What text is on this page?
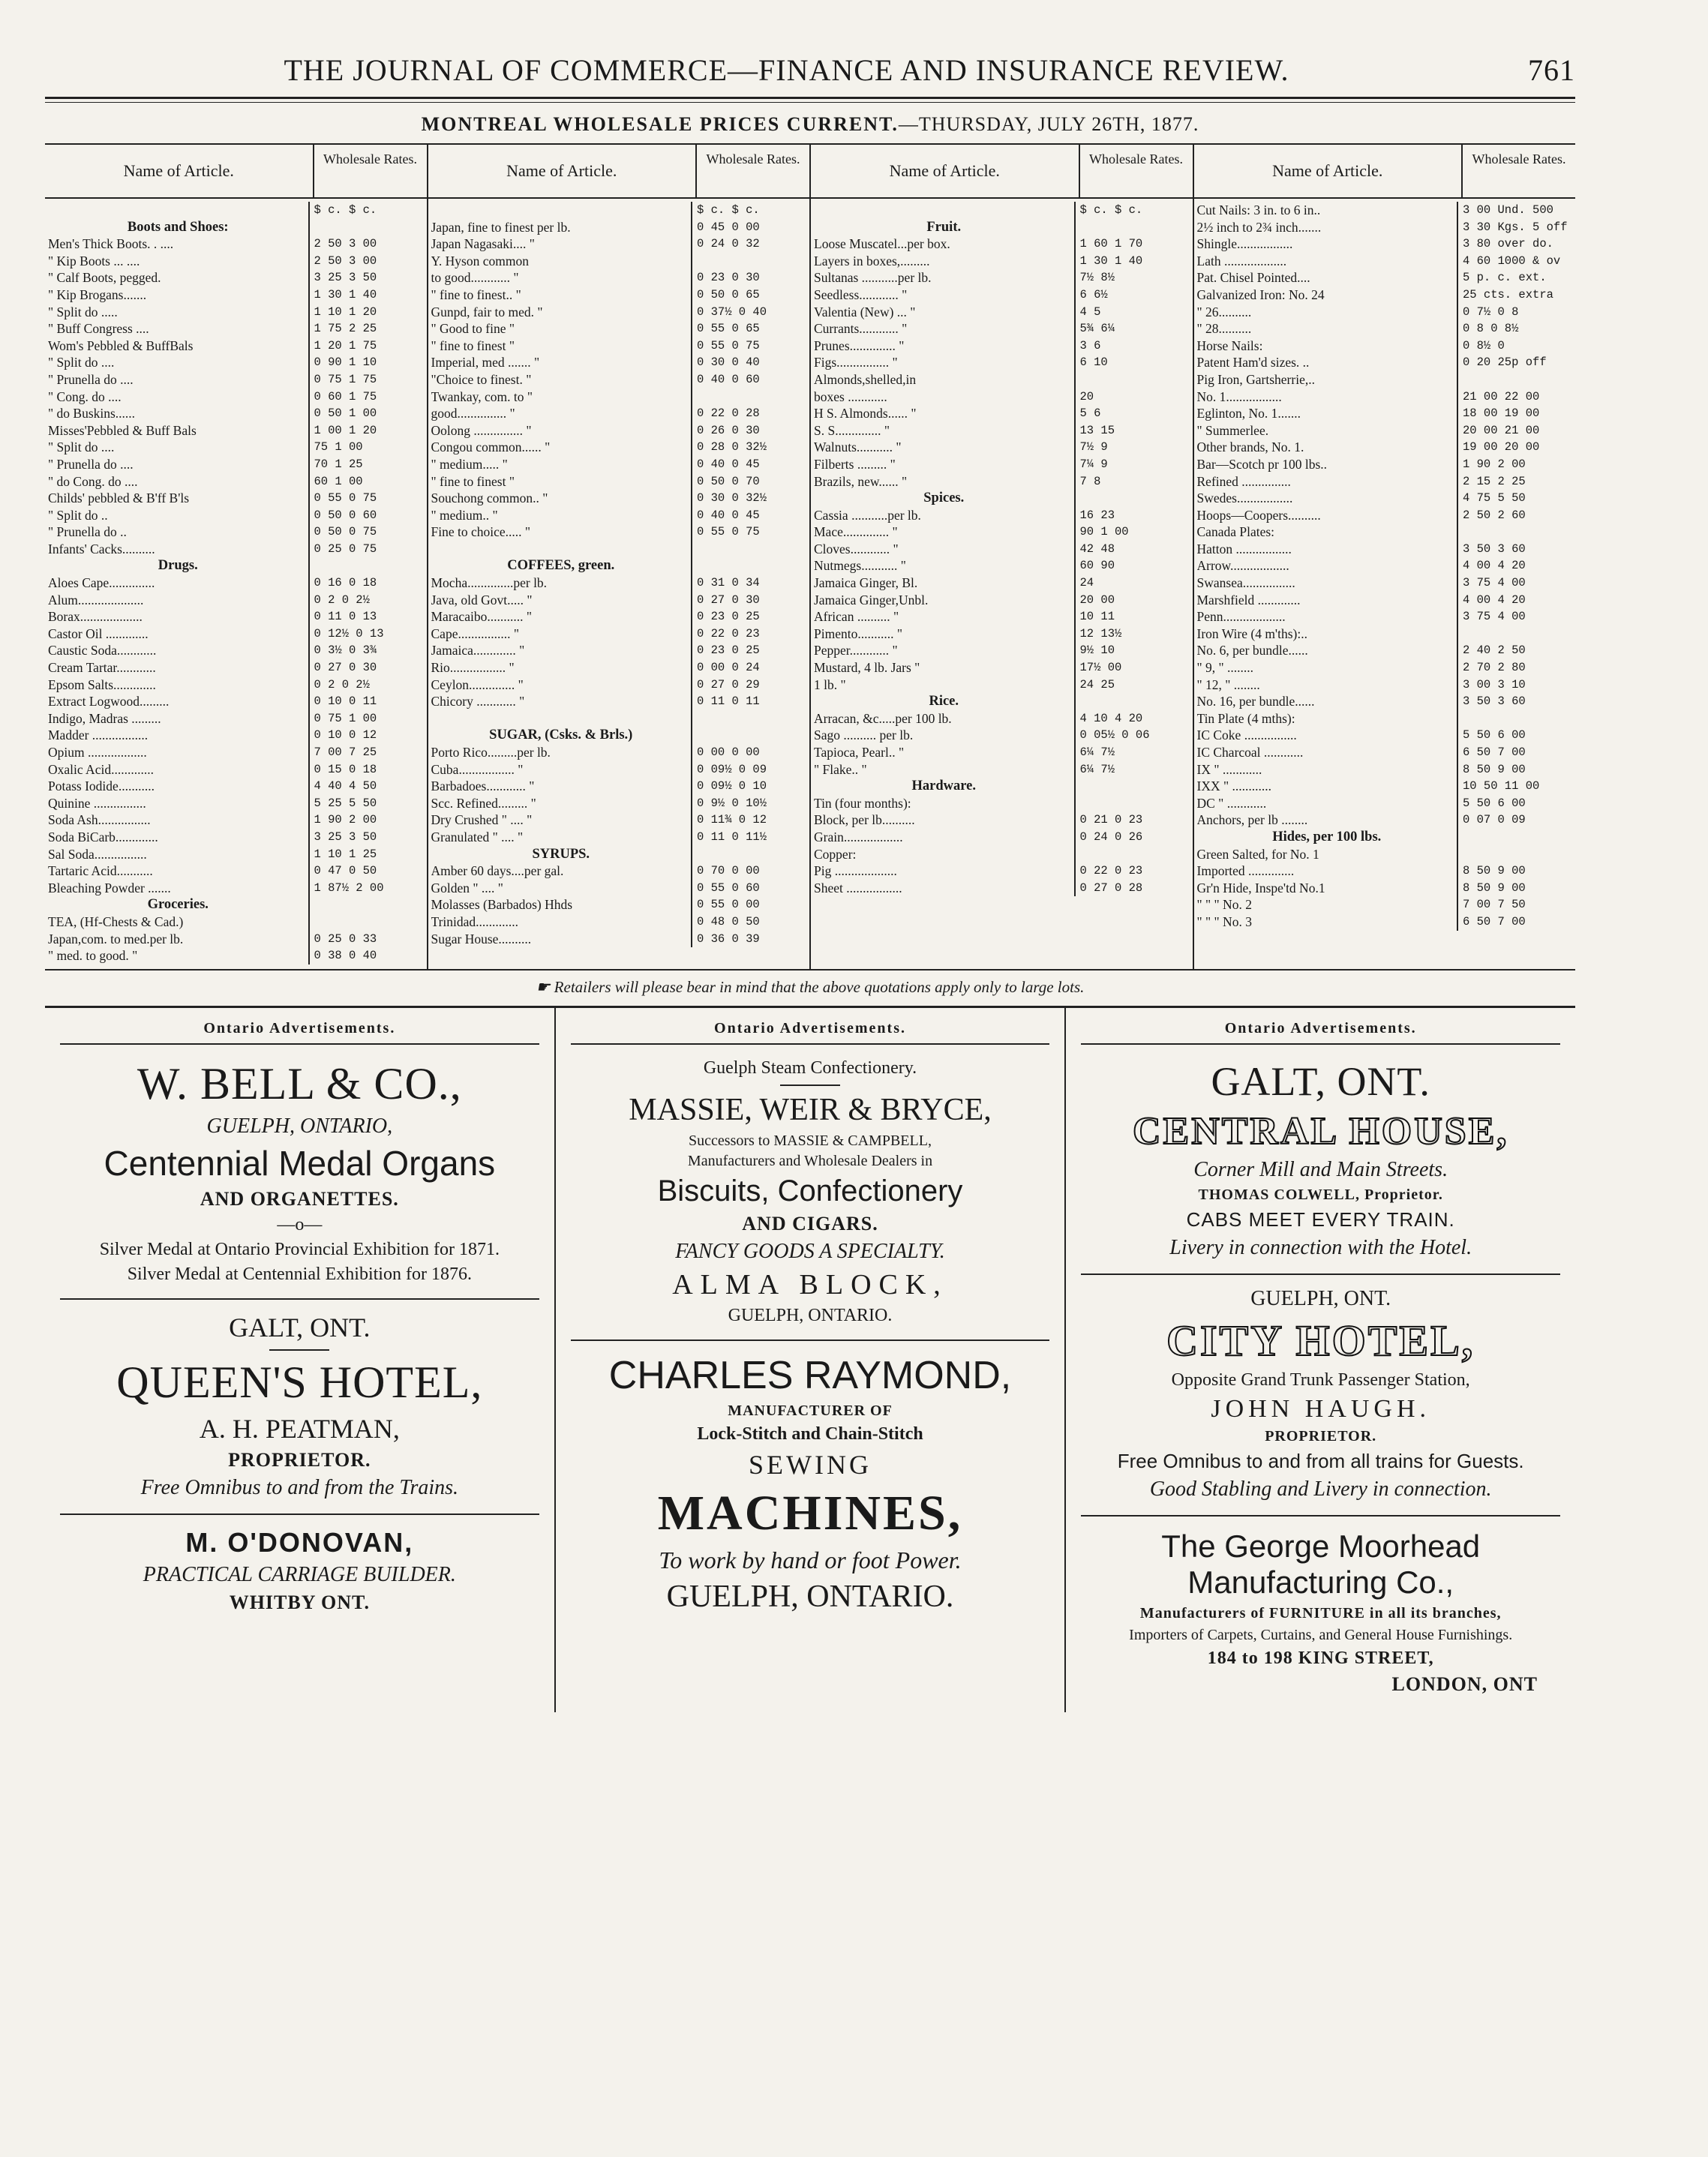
THE JOURNAL OF COMMERCE—FINANCE AND INSURANCE REVIEW.	761
MONTREAL WHOLESALE PRICES CURRENT.—THURSDAY, JULY 26TH, 1877.
Name of Article.
Wholesale Rates.
$ c. $ c.
Boots and Shoes:
Men's Thick Boots. . ....	2 50 3 00
" Kip Boots ... ....	2 50 3 00
" Calf Boots, pegged.	3 25 3 50
" Kip Brogans.......	1 30 1 40
" Split do .....	1 10 1 20
" Buff Congress ....	1 75 2 25
Wom's Pebbled & BuffBals	1 20 1 75
" Split do ....	0 90 1 10
" Prunella do ....	0 75 1 75
" Cong. do ....	0 60 1 75
" do Buskins......	0 50 1 00
Misses'Pebbled & Buff Bals	1 00 1 20
" Split do ....	75 1 00
" Prunella do ....	70 1 25
" do Cong. do ....	60 1 00
Childs' pebbled & B'ff B'ls	0 55 0 75
" Split do ..	0 50 0 60
" Prunella do ..	0 50 0 75
Infants' Cacks..........	0 25 0 75
Drugs.
Aloes Cape..............	0 16 0 18
Alum....................	0 2 0 2½
Borax...................	0 11 0 13
Castor Oil .............	0 12½ 0 13
Caustic Soda............	0 3½ 0 3¾
Cream Tartar............	0 27 0 30
Epsom Salts.............	0 2 0 2½
Extract Logwood.........	0 10 0 11
Indigo, Madras .........	0 75 1 00
Madder .................	0 10 0 12
Opium ..................	7 00 7 25
Oxalic Acid.............	0 15 0 18
Potass Iodide...........	4 40 4 50
Quinine ................	5 25 5 50
Soda Ash................	1 90 2 00
Soda BiCarb.............	3 25 3 50
Sal Soda................	1 10 1 25
Tartaric Acid...........	0 47 0 50
Bleaching Powder .......	1 87½ 2 00
Groceries.
TEA, (Hf-Chests & Cad.)
Japan,com. to med.per lb.	0 25 0 33
" med. to good. "	0 38 0 40
Name of Article.
Wholesale Rates.
$ c. $ c.
Japan, fine to finest per lb.	0 45 0 00
Japan Nagasaki.... "	0 24 0 32
Y. Hyson common
to good............ "	0 23 0 30
" fine to finest.. "	0 50 0 65
Gunpd, fair to med. "	0 37½ 0 40
" Good to fine "	0 55 0 65
" fine to finest "	0 55 0 75
Imperial, med ....... "	0 30 0 40
"Choice to finest. "	0 40 0 60
Twankay, com. to "
good............... "	0 22 0 28
Oolong ............... "	0 26 0 30
Congou common...... "	0 28 0 32½
" medium..... "	0 40 0 45
" fine to finest "	0 50 0 70
Souchong common.. "	0 30 0 32½
" medium.. "	0 40 0 45
Fine to choice..... "	0 55 0 75
COFFEES, green.
Mocha..............per lb.	0 31 0 34
Java, old Govt..... "	0 27 0 30
Maracaibo........... "	0 23 0 25
Cape................ "	0 22 0 23
Jamaica............. "	0 23 0 25
Rio................. "	0 00 0 24
Ceylon.............. "	0 27 0 29
Chicory ............ "	0 11 0 11
SUGAR, (Csks. & Brls.)
Porto Rico.........per lb.	0 00 0 00
Cuba................. "	0 09½ 0 09
Barbadoes............ "	0 09½ 0 10
Scc. Refined......... "	0 9½ 0 10½
Dry Crushed " .... "	0 11¾ 0 12
Granulated " .... "	0 11 0 11½
SYRUPS.
Amber 60 days....per gal.	0 70 0 00
Golden " .... "	0 55 0 60
Molasses (Barbados) Hhds	0 55 0 00
Trinidad.............	0 48 0 50
Sugar House..........	0 36 0 39
Name of Article.
Wholesale Rates.
$ c. $ c.
Fruit.
Loose Muscatel...per box.	1 60 1 70
Layers in boxes,.........	1 30 1 40
Sultanas ...........per lb.	7½ 8½
Seedless............ "	6 6½
Valentia (New) ... "	4 5
Currants............ "	5¾ 6¼
Prunes.............. "	3 6
Figs................ "	6 10
Almonds,shelled,in
boxes ............	20
H S. Almonds...... "	5 6
S. S.............. "	13 15
Walnuts........... "	7½ 9
Filberts ......... "	7¼ 9
Brazils, new...... "	7 8
Spices.
Cassia ...........per lb.	16 23
Mace.............. "	90 1 00
Cloves............ "	42 48
Nutmegs........... "	60 90
Jamaica Ginger, Bl.	24
Jamaica Ginger,Unbl.	20 00
African .......... "	10 11
Pimento........... "	12 13½
Pepper............ "	9½ 10
Mustard, 4 lb. Jars "	17½ 00
1 lb. "	24 25
Rice.
Arracan, &c.....per 100 lb.	4 10 4 20
Sago .......... per lb.	0 05½ 0 06
Tapioca, Pearl.. "	6¼ 7½
" Flake.. "	6¼ 7½
Hardware.
Tin (four months):
Block, per lb..........	0 21 0 23
Grain..................	0 24 0 26
Copper:
Pig ...................	0 22 0 23
Sheet .................	0 27 0 28
Name of Article.
Wholesale Rates.
Cut Nails: 3 in. to 6 in..	3 00 Und. 500
2½ inch to 2¾ inch.......	3 30 Kgs. 5 off
Shingle.................	3 80 over do.
Lath ...................	4 60 1000 & ov
Pat. Chisel Pointed....	5 p. c. ext.
Galvanized Iron: No. 24	25 cts. extra
" 26..........	0 7½ 0 8
" 28..........	0 8 0 8½
Horse Nails:	0 8½ 0
Patent Ham'd sizes. ..	0 20 25p off
Pig Iron, Gartsherrie,..
No. 1.................	21 00 22 00
Eglinton, No. 1.......	18 00 19 00
" Summerlee.	20 00 21 00
Other brands, No. 1.	19 00 20 00
Bar—Scotch pr 100 lbs..	1 90 2 00
Refined ...............	2 15 2 25
Swedes.................	4 75 5 50
Hoops—Coopers..........	2 50 2 60
Canada Plates:
Hatton .................	3 50 3 60
Arrow..................	4 00 4 20
Swansea................	3 75 4 00
Marshfield .............	4 00 4 20
Penn...................	3 75 4 00
Iron Wire (4 m'ths):..
No. 6, per bundle......	2 40 2 50
" 9, " ........	2 70 2 80
" 12, " ........	3 00 3 10
No. 16, per bundle......	3 50 3 60
Tin Plate (4 mths):
IC Coke ................	5 50 6 00
IC Charcoal ............	6 50 7 00
IX " ............	8 50 9 00
IXX " ............	10 50 11 00
DC " ............	5 50 6 00
Anchors, per lb ........	0 07 0 09
Hides, per 100 lbs.
Green Salted, for No. 1
Imported ..............	8 50 9 00
Gr'n Hide, Inspe'td No.1	8 50 9 00
" " " No. 2	7 00 7 50
" " " No. 3	6 50 7 00
☛ Retailers will please bear in mind that the above quotations apply only to large lots.
Ontario Advertisements.
W. BELL & CO.,
GUELPH, ONTARIO,
Centennial Medal Organs
AND ORGANETTES.
—o—
Silver Medal at Ontario Provincial Exhibition for 1871.
Silver Medal at Centennial Exhibition for 1876.
GALT, ONT.
QUEEN'S HOTEL,
A. H. PEATMAN,
PROPRIETOR.
Free Omnibus to and from the Trains.
M. O'DONOVAN,
PRACTICAL CARRIAGE BUILDER.
WHITBY ONT.
Ontario Advertisements.
Guelph Steam Confectionery.
MASSIE, WEIR & BRYCE,
Successors to MASSIE & CAMPBELL,
Manufacturers and Wholesale Dealers in
Biscuits, Confectionery
AND CIGARS.
FANCY GOODS A SPECIALTY.
ALMA BLOCK,
GUELPH, ONTARIO.
CHARLES RAYMOND,
MANUFACTURER OF
Lock-Stitch and Chain-Stitch
SEWING
MACHINES,
To work by hand or foot Power.
GUELPH, ONTARIO.
Ontario Advertisements.
GALT, ONT.
CENTRAL HOUSE,
Corner Mill and Main Streets.
THOMAS COLWELL, Proprietor.
CABS MEET EVERY TRAIN.
Livery in connection with the Hotel.
GUELPH, ONT.
CITY HOTEL,
Opposite Grand Trunk Passenger Station,
JOHN HAUGH.
PROPRIETOR.
Free Omnibus to and from all trains for Guests.
Good Stabling and Livery in connection.
The George Moorhead Manufacturing Co.,
Manufacturers of FURNITURE in all its branches,
Importers of Carpets, Curtains, and General House Furnishings.
184 to 198 KING STREET,
LONDON, ONT
